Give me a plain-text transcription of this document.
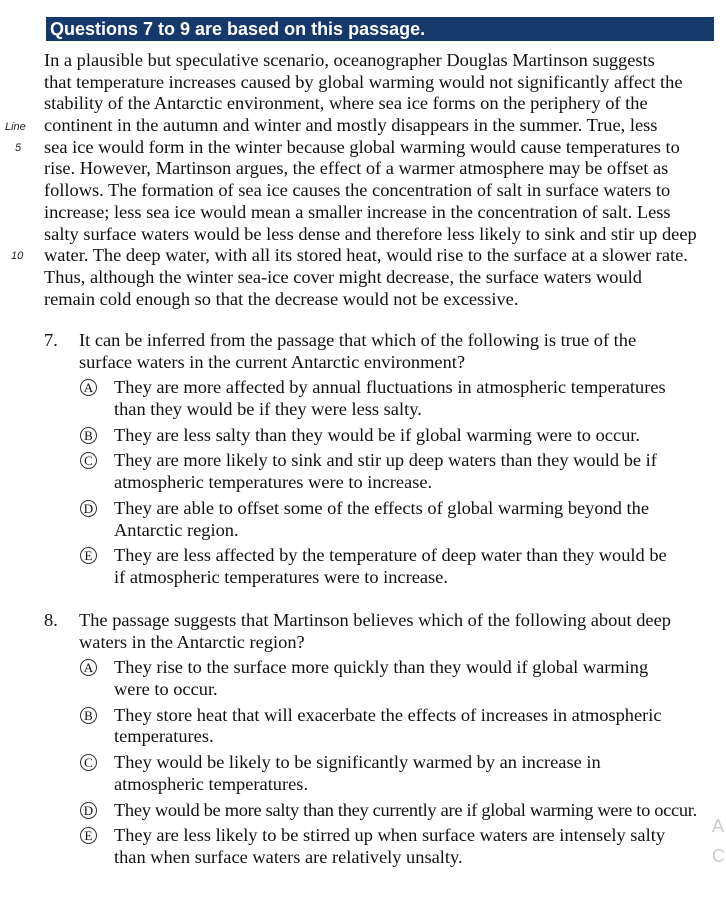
Questions 7 to 9 are based on this passage.
Line
5
10
In a plausible but speculative scenario, oceanographer Douglas Martinson suggests
that temperature increases caused by global warming would not significantly affect the
stability of the Antarctic environment, where sea ice forms on the periphery of the
continent in the autumn and winter and mostly disappears in the summer. True, less
sea ice would form in the winter because global warming would cause temperatures to
rise. However, Martinson argues, the effect of a warmer atmosphere may be offset as
follows. The formation of sea ice causes the concentration of salt in surface waters to
increase; less sea ice would mean a smaller increase in the concentration of salt. Less
salty surface waters would be less dense and therefore less likely to sink and stir up deep
water. The deep water, with all its stored heat, would rise to the surface at a slower rate.
Thus, although the winter sea-ice cover might decrease, the surface waters would
remain cold enough so that the decrease would not be excessive.
7. It can be inferred from the passage that which of the following is true of the
surface waters in the current Antarctic environment?
A They are more affected by annual fluctuations in atmospheric temperatures
than they would be if they were less salty.
B They are less salty than they would be if global warming were to occur.
C They are more likely to sink and stir up deep waters than they would be if
atmospheric temperatures were to increase.
D They are able to offset some of the effects of global warming beyond the
Antarctic region.
E They are less affected by the temperature of deep water than they would be
if atmospheric temperatures were to increase.
8. The passage suggests that Martinson believes which of the following about deep
waters in the Antarctic region?
A They rise to the surface more quickly than they would if global warming
were to occur.
B They store heat that will exacerbate the effects of increases in atmospheric
temperatures.
C They would be likely to be significantly warmed by an increase in
atmospheric temperatures.
D They would be more salty than they currently are if global warming were to occur.
E They are less likely to be stirred up when surface waters are intensely salty
than when surface waters are relatively unsalty.
A
C
